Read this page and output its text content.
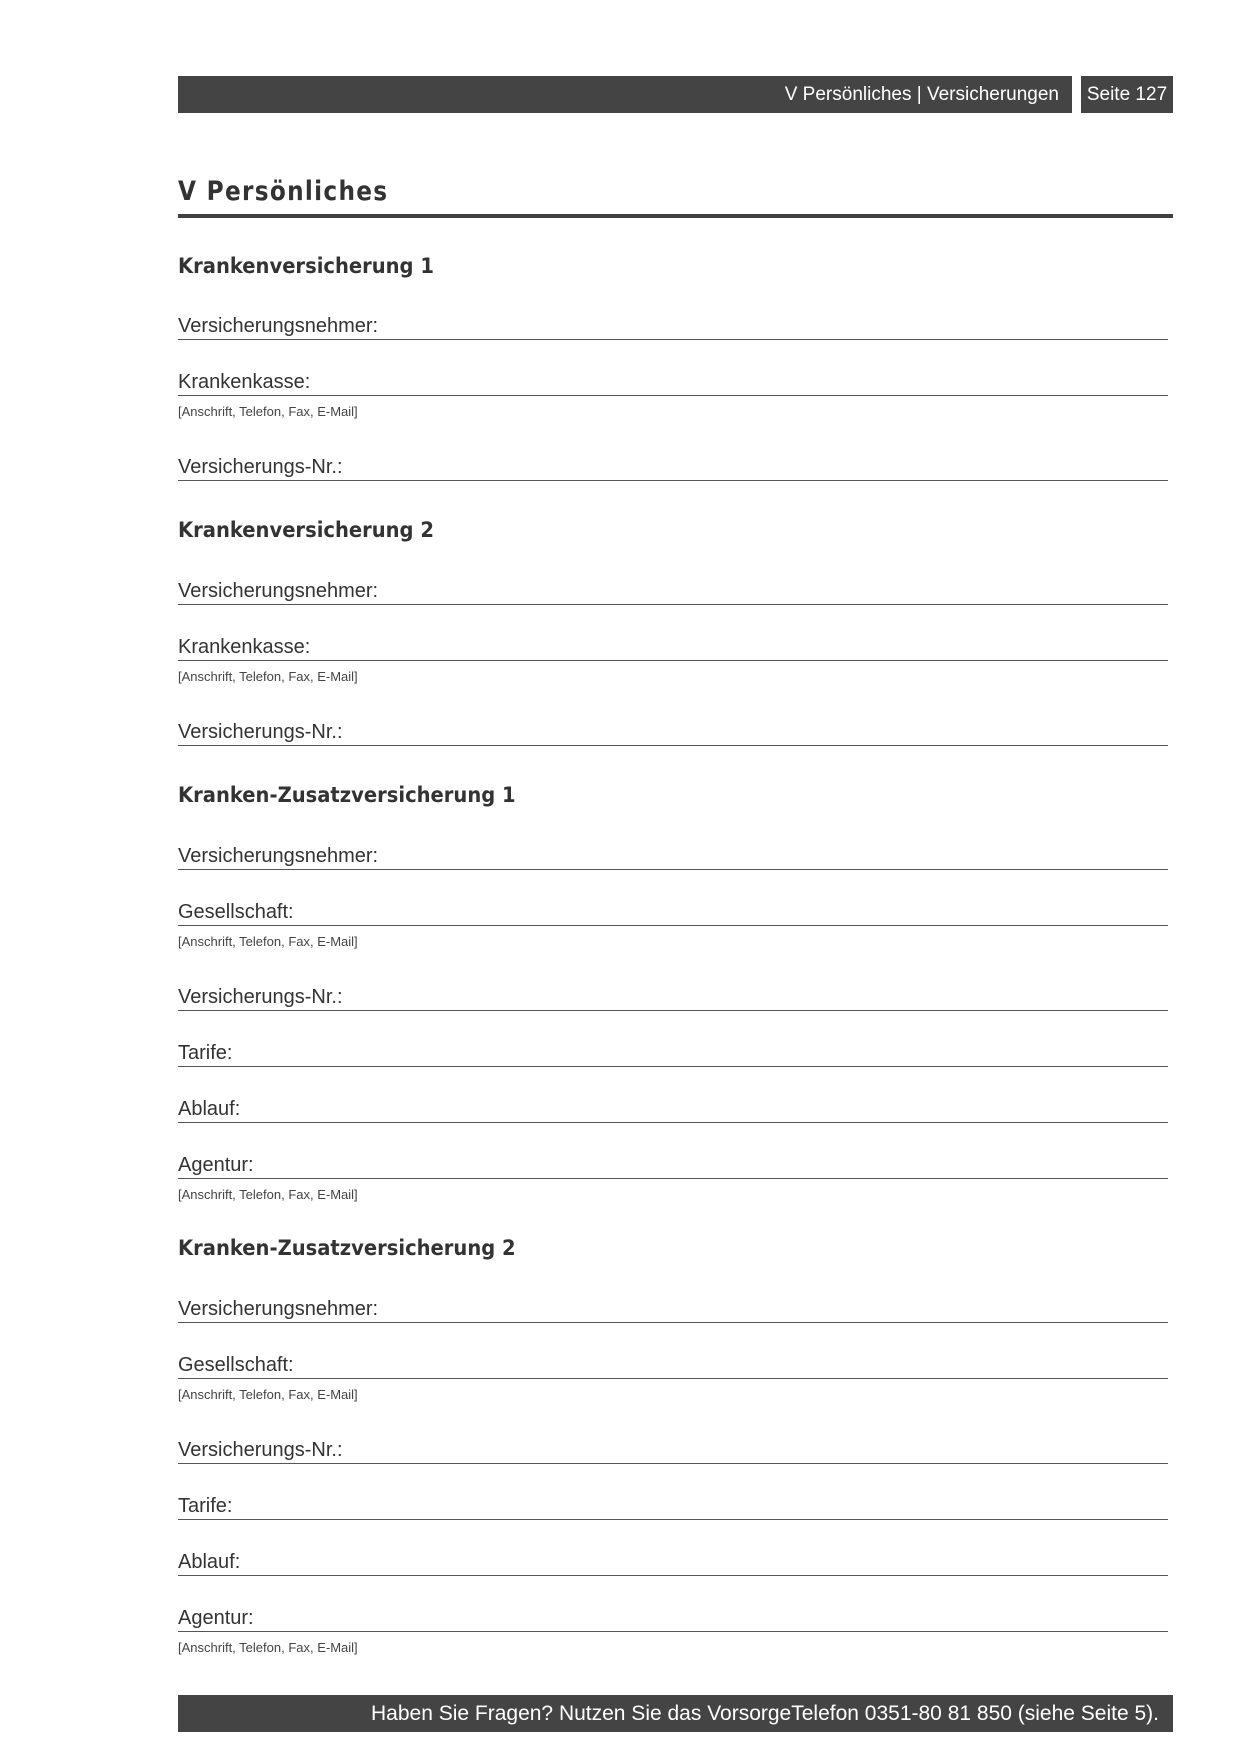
V Persönliches | Versicherungen Seite 127
V Persönliches
Krankenversicherung 1
Versicherungsnehmer:
Krankenkasse:
[Anschrift, Telefon, Fax, E-Mail]
Versicherungs-Nr.:
Krankenversicherung 2
Versicherungsnehmer:
Krankenkasse:
[Anschrift, Telefon, Fax, E-Mail]
Versicherungs-Nr.:
Kranken-Zusatzversicherung 1
Versicherungsnehmer:
Gesellschaft:
[Anschrift, Telefon, Fax, E-Mail]
Versicherungs-Nr.:
Tarife:
Ablauf:
Agentur:
[Anschrift, Telefon, Fax, E-Mail]
Kranken-Zusatzversicherung 2
Versicherungsnehmer:
Gesellschaft:
[Anschrift, Telefon, Fax, E-Mail]
Versicherungs-Nr.:
Tarife:
Ablauf:
Agentur:
[Anschrift, Telefon, Fax, E-Mail]
Haben Sie Fragen? Nutzen Sie das VorsorgeTelefon 0351-80 81 850 (siehe Seite 5).
